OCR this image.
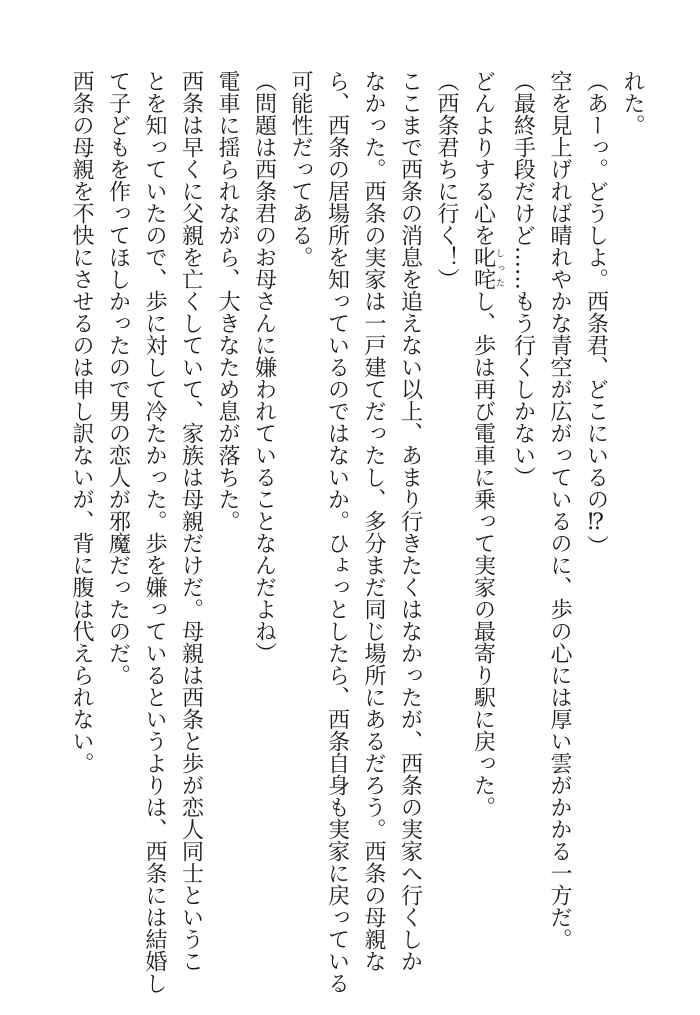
れた。

（あーっ。どうしよ。西条君、どこにいるの⁉）

空を見上げれば晴れやかな青空が広がっているのに、歩の心には厚い雲がかかる一方だ。

（最終手段だけど……もう行くしかない）

どんよりする心を叱咤しったし、歩は再び電車に乗って実家の最寄り駅に戻った。

（西条君ちに行く！）

ここまで西条の消息を追えない以上、あまり行きたくはなかったが、西条の実家へ行くしか

なかった。西条の実家は一戸建てだったし、多分まだ同じ場所にあるだろう。西条の母親な

ら、西条の居場所を知っているのではないか。ひょっとしたら、西条自身も実家に戻っている

可能性だってある。

（問題は西条君のお母さんに嫌われていることなんだよね）

電車に揺られながら、大きなため息が落ちた。

西条は早くに父親を亡くしていて、家族は母親だけだ。母親は西条と歩が恋人同士というこ

とを知っていたので、歩に対して冷たかった。歩を嫌っているというよりは、西条には結婚し

て子どもを作ってほしかったので男の恋人が邪魔だったのだ。

西条の母親を不快にさせるのは申し訳ないが、背に腹は代えられない。
